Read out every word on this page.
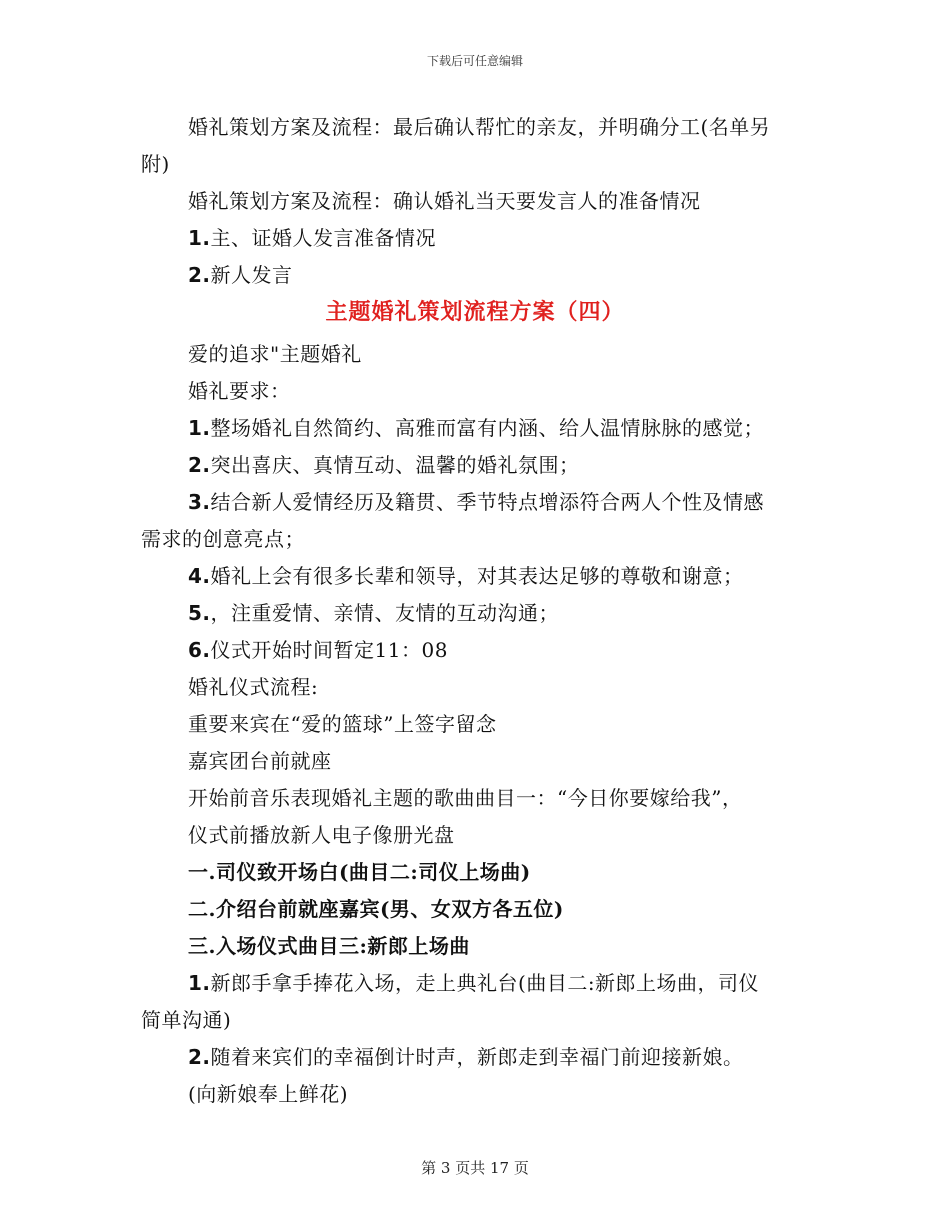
下载后可任意编辑
婚礼策划方案及流程：最后确认帮忙的亲友，并明确分工(名单另
附)
婚礼策划方案及流程：确认婚礼当天要发言人的准备情况
1.主、证婚人发言准备情况
2.新人发言
主题婚礼策划流程方案（四）
爱的追求"主题婚礼
婚礼要求：
1.整场婚礼自然简约、高雅而富有内涵、给人温情脉脉的感觉；
2.突出喜庆、真情互动、温馨的婚礼氛围；
3.结合新人爱情经历及籍贯、季节特点增添符合两人个性及情感
需求的创意亮点；
4.婚礼上会有很多长辈和领导，对其表达足够的尊敬和谢意；
5.，注重爱情、亲情、友情的互动沟通；
6.仪式开始时间暂定11：08
婚礼仪式流程:
重要来宾在“爱的篮球”上签字留念
嘉宾团台前就座
开始前音乐表现婚礼主题的歌曲曲目一：“今日你要嫁给我”，
仪式前播放新人电子像册光盘
一.司仪致开场白(曲目二:司仪上场曲)
二.介绍台前就座嘉宾(男、女双方各五位)
三.入场仪式曲目三:新郎上场曲
1.新郎手拿手捧花入场，走上典礼台(曲目二:新郎上场曲，司仪
简单沟通)
2.随着来宾们的幸福倒计时声，新郎走到幸福门前迎接新娘。
(向新娘奉上鲜花)
第 3 页共 17 页
